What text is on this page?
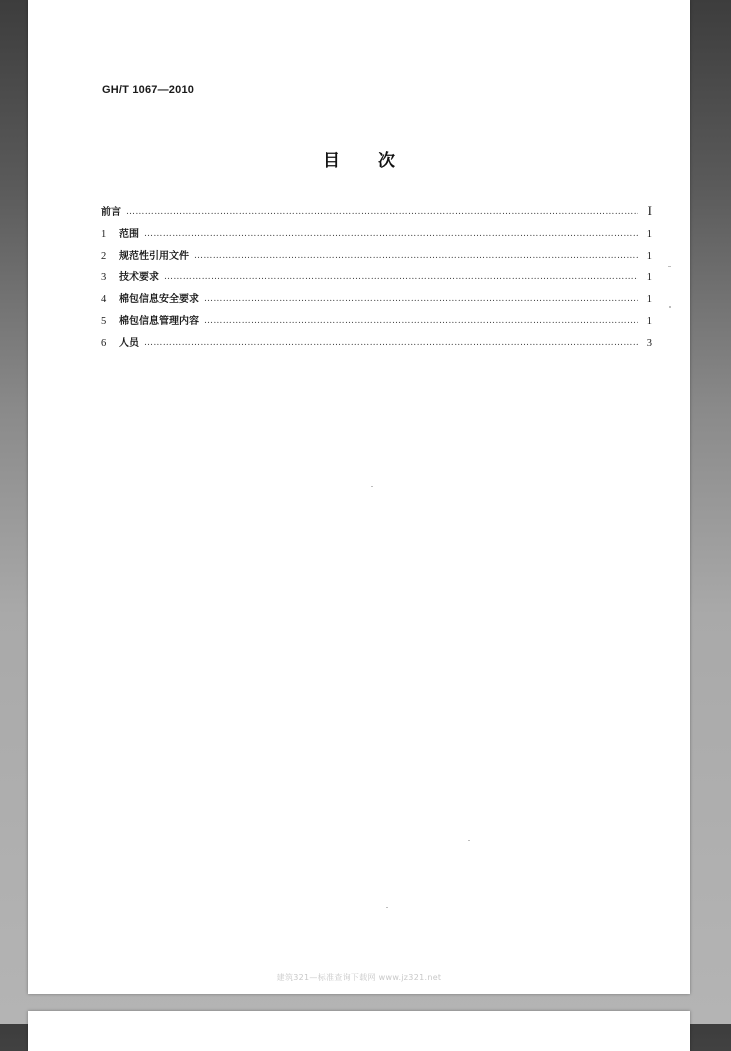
GH/T 1067—2010
目 次
前言 …………………………………………………………………………………………………………………………………………………………………………………………………………………………	I
1	范围 …………………………………………………………………………………………………………………………………………………………………………………………………………………………	1
2	规范性引用文件 …………………………………………………………………………………………………………………………………………………………………………………………………………………………	1
3	技术要求 …………………………………………………………………………………………………………………………………………………………………………………………………………………………	1
4	棉包信息安全要求 …………………………………………………………………………………………………………………………………………………………………………………………………………………………	1
5	棉包信息管理内容 …………………………………………………………………………………………………………………………………………………………………………………………………………………………	1
6	人员 …………………………………………………………………………………………………………………………………………………………………………………………………………………………	3
建筑321—标准查询下载网 www.jz321.net
